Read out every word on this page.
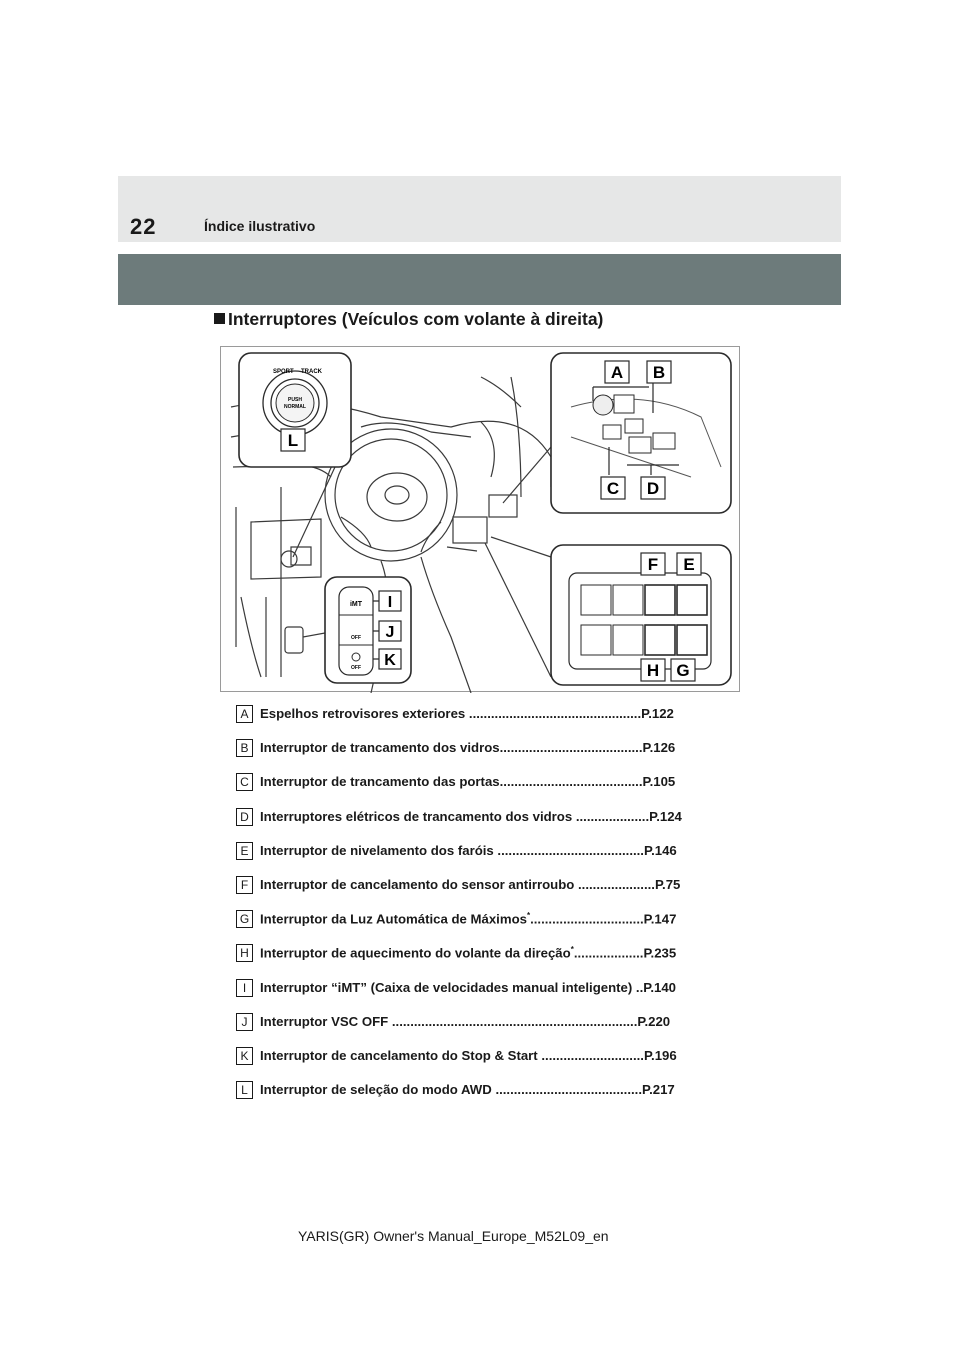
22	Índice ilustrativo
Interruptores (Veículos com volante à direita)
SPORT TRACK
PUSH
NORMAL
L
A B
C D
F E
H G
iMT
OFF
OFF
I
J
K
A Espelhos retrovisores exteriores ...............................................P.122
B Interruptor de trancamento dos vidros.......................................P.126
C Interruptor de trancamento das portas.......................................P.105
D Interruptores elétricos de trancamento dos vidros ....................P.124
E Interruptor de nivelamento dos faróis ........................................P.146
F Interruptor de cancelamento do sensor antirroubo .....................P.75
G Interruptor da Luz Automática de Máximos*...............................P.147
H Interruptor de aquecimento do volante da direção*...................P.235
I	Interruptor “iMT” (Caixa de velocidades manual inteligente) ..P.140
J Interruptor VSC OFF ...................................................................P.220
K Interruptor de cancelamento do Stop & Start ............................P.196
L Interruptor de seleção do modo AWD ........................................P.217
YARIS(GR) Owner's Manual_Europe_M52L09_en
